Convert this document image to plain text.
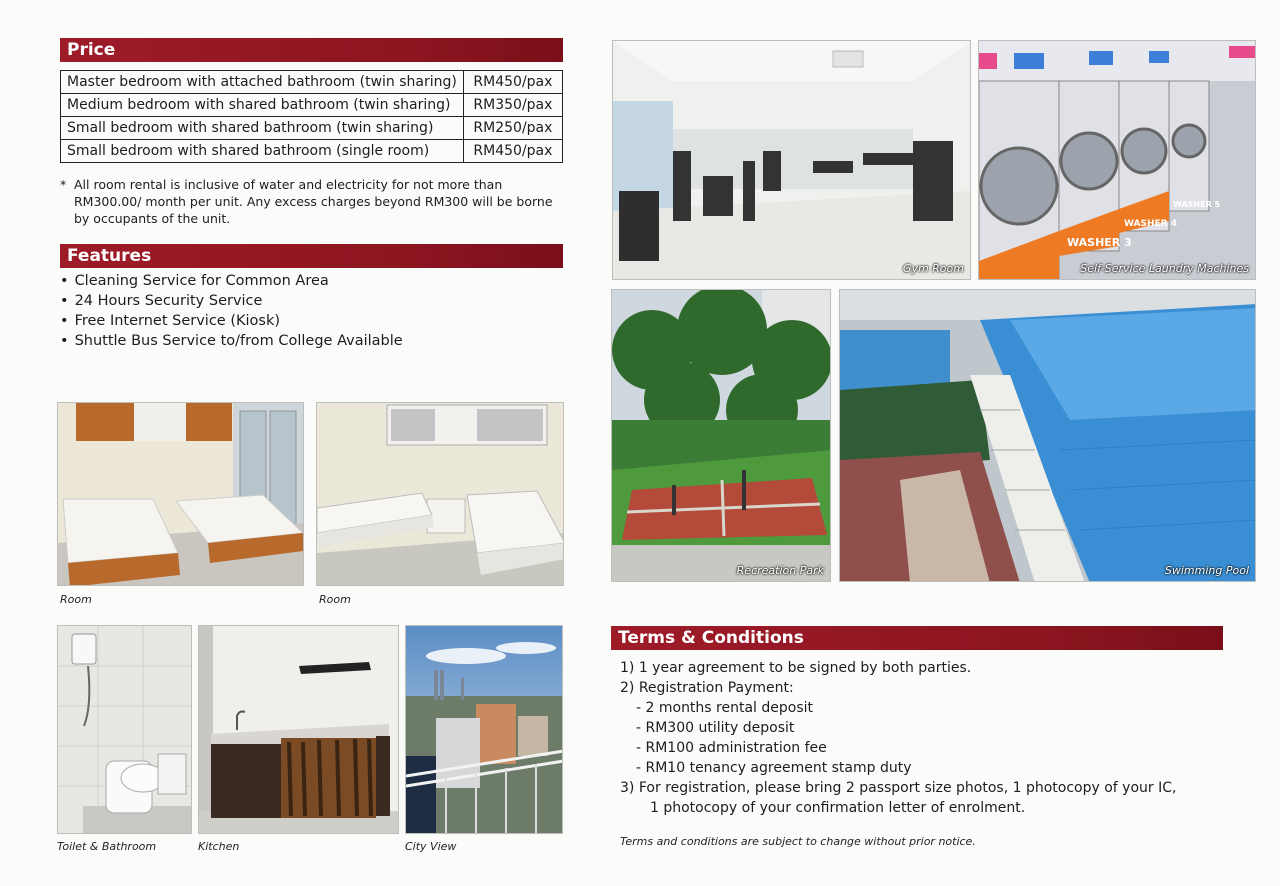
Price
Master bedroom with attached bathroom (twin sharing)	RM450/pax
Medium bedroom with shared bathroom (twin sharing)	RM350/pax
Small bedroom with shared bathroom (twin sharing)	RM250/pax
Small bedroom with shared bathroom (single room)	RM450/pax
* All room rental is inclusive of water and electricity for not more than RM300.00/ month per unit. Any excess charges beyond RM300 will be borne by occupants of the unit.
Features
• Cleaning Service for Common Area
• 24 Hours Security Service
• Free Internet Service (Kiosk)
• Shuttle Bus Service to/from College Available
Room	Room
Toilet & Bathroom	Kitchen	City View
Gym Room
WASHER 3
WASHER 4
WASHER 5
Self-Service Laundry Machines
Recreation Park	Swimming Pool
Terms & Conditions
1) 1 year agreement to be signed by both parties.
2) Registration Payment:
- 2 months rental deposit
- RM300 utility deposit
- RM100 administration fee
- RM10 tenancy agreement stamp duty
3) For registration, please bring 2 passport size photos, 1 photocopy of your IC,
1 photocopy of your confirmation letter of enrolment.
Terms and conditions are subject to change without prior notice.
